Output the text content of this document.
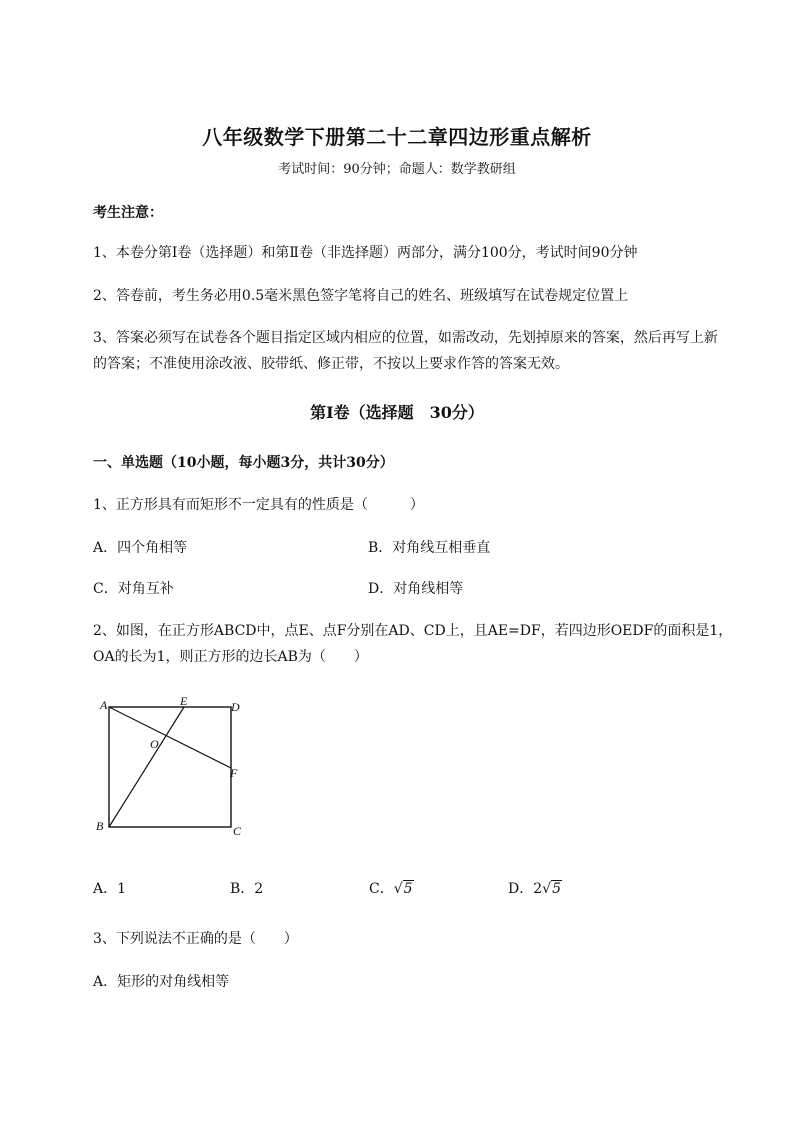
八年级数学下册第二十二章四边形重点解析
考试时间：90分钟；命题人：数学教研组
考生注意：
1、本卷分第I卷（选择题）和第Ⅱ卷（非选择题）两部分，满分100分，考试时间90分钟
2、答卷前，考生务必用0.5毫米黑色签字笔将自己的姓名、班级填写在试卷规定位置上
3、答案必须写在试卷各个题目指定区域内相应的位置，如需改动，先划掉原来的答案，然后再写上新
的答案；不准使用涂改液、胶带纸、修正带，不按以上要求作答的答案无效。
第I卷（选择题　30分）
一、单选题（10小题，每小题3分，共计30分）
1、正方形具有而矩形不一定具有的性质是（　　　）
A．四个角相等	B．对角线互相垂直
C．对角互补	D．对角线相等
2、如图，在正方形ABCD中，点E、点F分别在AD、CD上，且AE=DF，若四边形OEDF的面积是1，
OA的长为1，则正方形的边长AB为（　　）
A	E	D
O
F
B	C
A．1	B．2	C．√5	D．2√5
3、下列说法不正确的是（　　）
A．矩形的对角线相等
